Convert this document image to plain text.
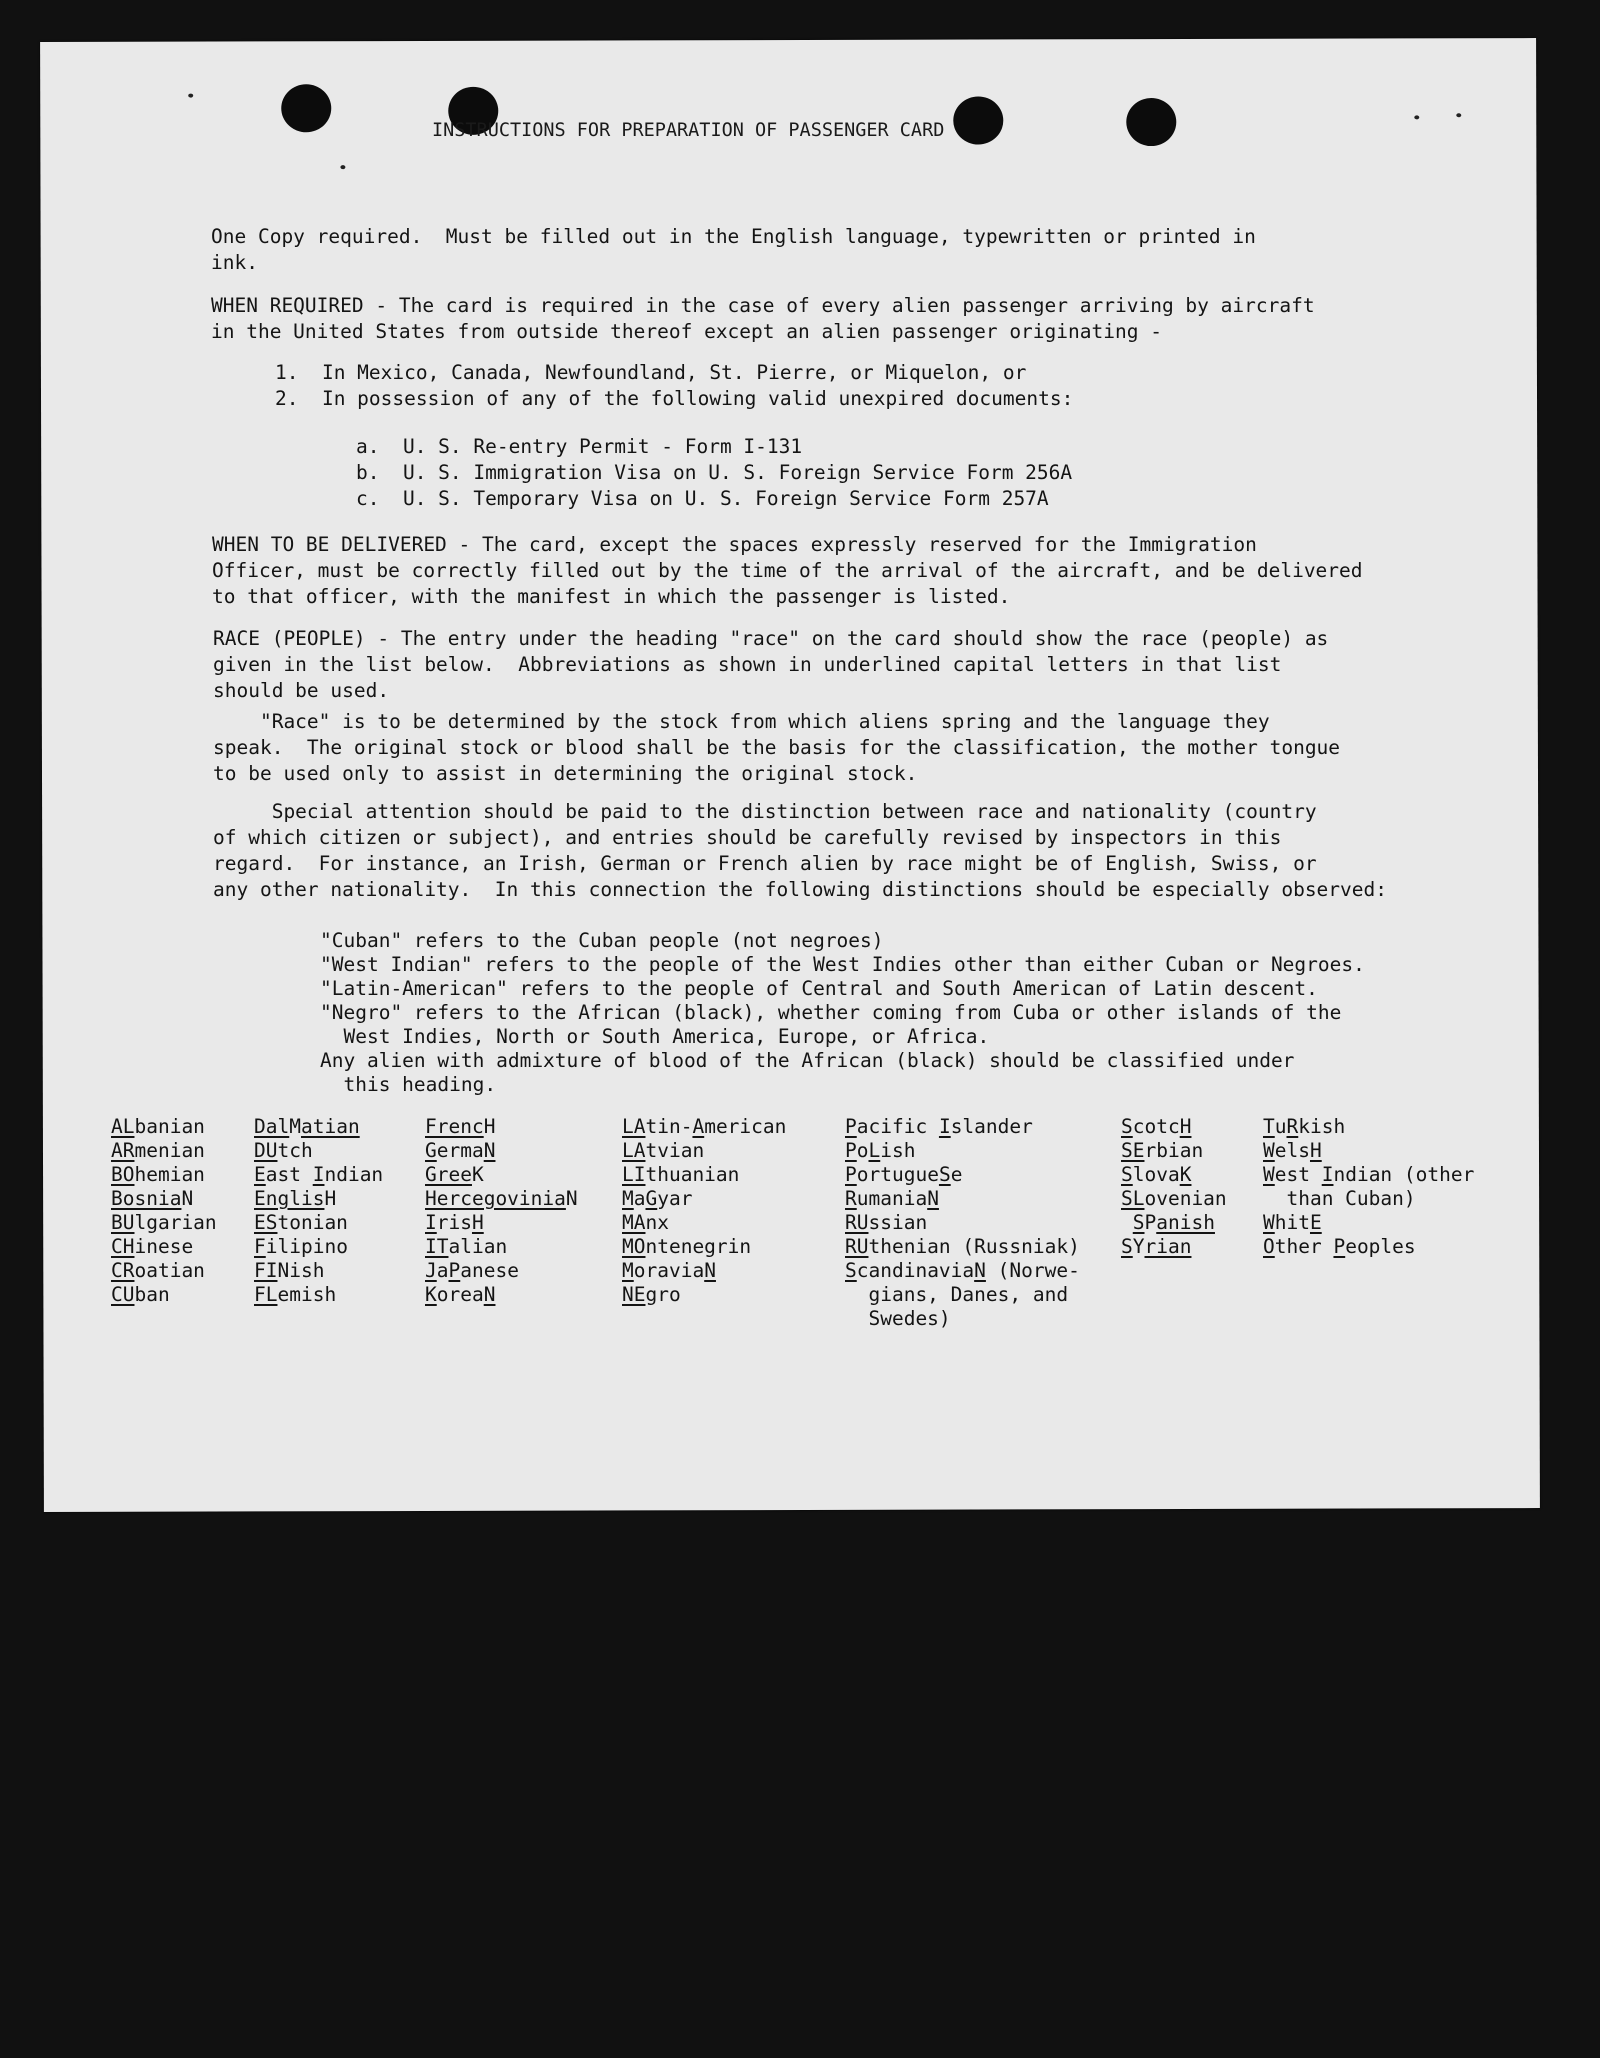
INSTRUCTIONS FOR PREPARATION OF PASSENGER CARD
One Copy required.  Must be filled out in the English language, typewritten or printed in
ink.
WHEN REQUIRED - The card is required in the case of every alien passenger arriving by aircraft
in the United States from outside thereof except an alien passenger originating -
1.  In Mexico, Canada, Newfoundland, St. Pierre, or Miquelon, or
2.  In possession of any of the following valid unexpired documents:
a.  U. S. Re-entry Permit - Form I-131
b.  U. S. Immigration Visa on U. S. Foreign Service Form 256A
c.  U. S. Temporary Visa on U. S. Foreign Service Form 257A
WHEN TO BE DELIVERED - The card, except the spaces expressly reserved for the Immigration
Officer, must be correctly filled out by the time of the arrival of the aircraft, and be delivered
to that officer, with the manifest in which the passenger is listed.
RACE (PEOPLE) - The entry under the heading "race" on the card should show the race (people) as
given in the list below.  Abbreviations as shown in underlined capital letters in that list
should be used.
"Race" is to be determined by the stock from which aliens spring and the language they
speak.  The original stock or blood shall be the basis for the classification, the mother tongue
to be used only to assist in determining the original stock.
Special attention should be paid to the distinction between race and nationality (country
of which citizen or subject), and entries should be carefully revised by inspectors in this
regard.  For instance, an Irish, German or French alien by race might be of English, Swiss, or
any other nationality.  In this connection the following distinctions should be especially observed:
"Cuban" refers to the Cuban people (not negroes)
"West Indian" refers to the people of the West Indies other than either Cuban or Negroes.
"Latin-American" refers to the people of Central and South American of Latin descent.
"Negro" refers to the African (black), whether coming from Cuba or other islands of the
West Indies, North or South America, Europe, or Africa.
Any alien with admixture of blood of the African (black) should be classified under
this heading.
ALbanian
ARmenian
BOhemian
BosniaN
BUlgarian
CHinese
CRoatian
CUban
DalMatian
DUtch
East Indian
EnglisH
EStonian
Filipino
FINish
FLemish
FrencH
GermaN
GreeK
HercegoviniaN
IrisH
ITalian
JaPanese
KoreaN
LAtin-American
LAtvian
LIthuanian
MaGyar
MAnx
MOntenegrin
MoraviaN
NEgro
Pacific Islander
PoLish
PortugueSe
RumaniaN
RUssian
RUthenian (Russniak)
ScandinaviaN (Norwe-
gians, Danes, and
Swedes)
ScotcH
SErbian
SlovaK
SLovenian
SPanish
SYrian
TuRkish
WelsH
West Indian (other
than Cuban)
WhitE
Other Peoples
